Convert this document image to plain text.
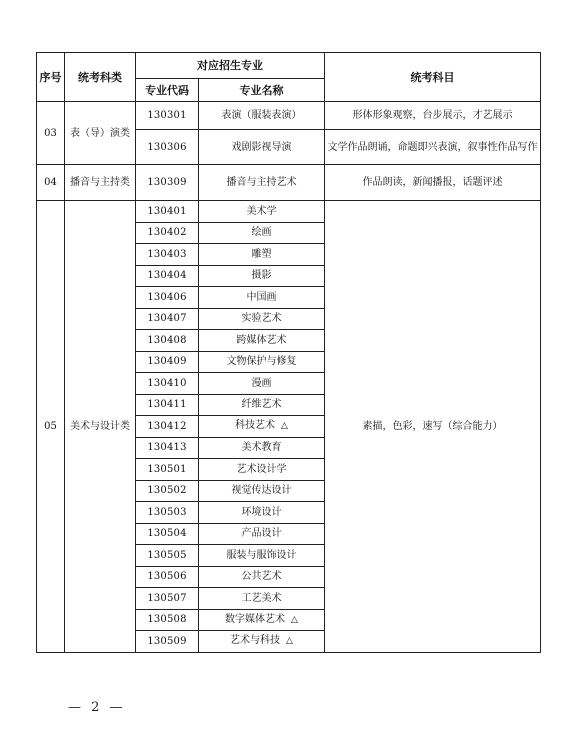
序号	统考科类	对应招生专业		统考科目
		专业代码	专业名称	
03	表（导）演类	130301	表演（服装表演）	形体形象观察，台步展示，才艺展示
		130306	戏剧影视导演	文学作品朗诵，命题即兴表演，叙事性作品写作
04	播音与主持类	130309	播音与主持艺术	作品朗读，新闻播报，话题评述
05	美术与设计类	130401	美术学	素描，色彩，速写（综合能力）
		130402	绘画	
		130403	雕塑	
		130404	摄影	
		130406	中国画	
		130407	实验艺术	
		130408	跨媒体艺术	
		130409	文物保护与修复	
		130410	漫画	
		130411	纤维艺术	
		130412	科技艺术 △	
		130413	美术教育	
		130501	艺术设计学	
		130502	视觉传达设计	
		130503	环境设计	
		130504	产品设计	
		130505	服装与服饰设计	
		130506	公共艺术	
		130507	工艺美术	
		130508	数字媒体艺术 △	
		130509	艺术与科技 △	
— 2 —
